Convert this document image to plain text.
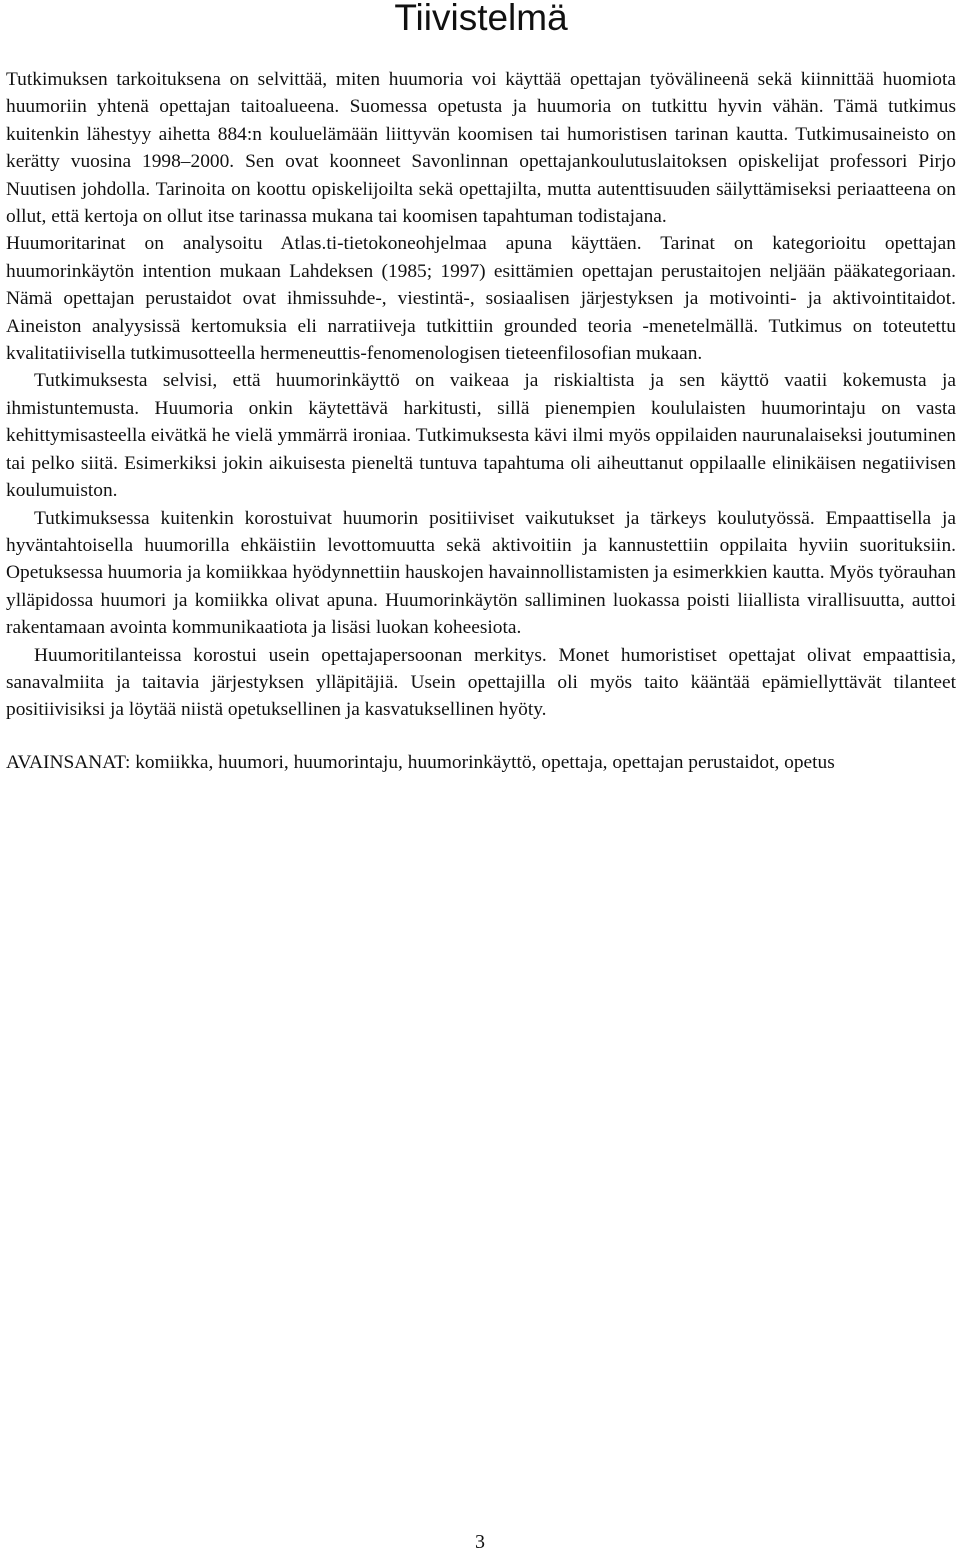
Tiivistelmä

Tutkimuksen tarkoituksena on selvittää, miten huumoria voi käyttää opettajan työvälineenä sekä kiinnittää huomiota huumoriin yhtenä opettajan taitoalueena. Suomessa opetusta ja huumoria on tutkittu hyvin vähän. Tämä tutkimus kuitenkin lähestyy aihetta 884:n kouluelämään liittyvän koomisen tai humoristisen tarinan kautta. Tutkimusaineisto on kerätty vuosina 1998–2000. Sen ovat koonneet Savonlinnan opettajankoulutuslaitoksen opiskelijat professori Pirjo Nuutisen johdolla. Tarinoita on koottu opiskelijoilta sekä opettajilta, mutta autenttisuuden säilyttämiseksi periaatteena on ollut, että kertoja on ollut itse tarinassa mukana tai koomisen tapahtuman todistajana.

Huumoritarinat on analysoitu Atlas.ti-tietokoneohjelmaa apuna käyttäen. Tarinat on kategorioitu opettajan huumorinkäytön intention mukaan Lahdeksen (1985; 1997) esittämien opettajan perustaitojen neljään pääkategoriaan. Nämä opettajan perustaidot ovat ihmissuhde-, viestintä-, sosiaalisen järjestyksen ja motivointi- ja aktivointitaidot. Aineiston analyysissä kertomuksia eli narratiiveja tutkittiin grounded teoria -menetelmällä. Tutkimus on toteutettu kvalitatiivisella tutkimusotteella hermeneuttis-fenomenologisen tieteenfilosofian mukaan.

Tutkimuksesta selvisi, että huumorinkäyttö on vaikeaa ja riskialtista ja sen käyttö vaatii kokemusta ja ihmistuntemusta. Huumoria onkin käytettävä harkitusti, sillä pienempien koululaisten huumorintaju on vasta kehittymisasteella eivätkä he vielä ymmärrä ironiaa. Tutkimuksesta kävi ilmi myös oppilaiden naurunalaiseksi joutuminen tai pelko siitä. Esimerkiksi jokin aikuisesta pieneltä tuntuva tapahtuma oli aiheuttanut oppilaalle elinikäisen negatiivisen koulumuiston.

Tutkimuksessa kuitenkin korostuivat huumorin positiiviset vaikutukset ja tärkeys koulutyössä. Empaattisella ja hyväntahtoisella huumorilla ehkäistiin levottomuutta sekä aktivoitiin ja kannustettiin oppilaita hyviin suorituksiin. Opetuksessa huumoria ja komiikkaa hyödynnettiin hauskojen havainnollistamisten ja esimerkkien kautta. Myös työrauhan ylläpidossa huumori ja komiikka olivat apuna. Huumorinkäytön salliminen luokassa poisti liiallista virallisuutta, auttoi rakentamaan avointa kommunikaatiota ja lisäsi luokan koheesiota.

Huumoritilanteissa korostui usein opettajapersoonan merkitys. Monet humoristiset opettajat olivat empaattisia, sanavalmiita ja taitavia järjestyksen ylläpitäjiä. Usein opettajilla oli myös taito kääntää epämiellyttävät tilanteet positiivisiksi ja löytää niistä opetuksellinen ja kasvatuksellinen hyöty.

AVAINSANAT: komiikka, huumori, huumorintaju, huumorinkäyttö, opettaja, opettajan perustaidot, opetus
3
